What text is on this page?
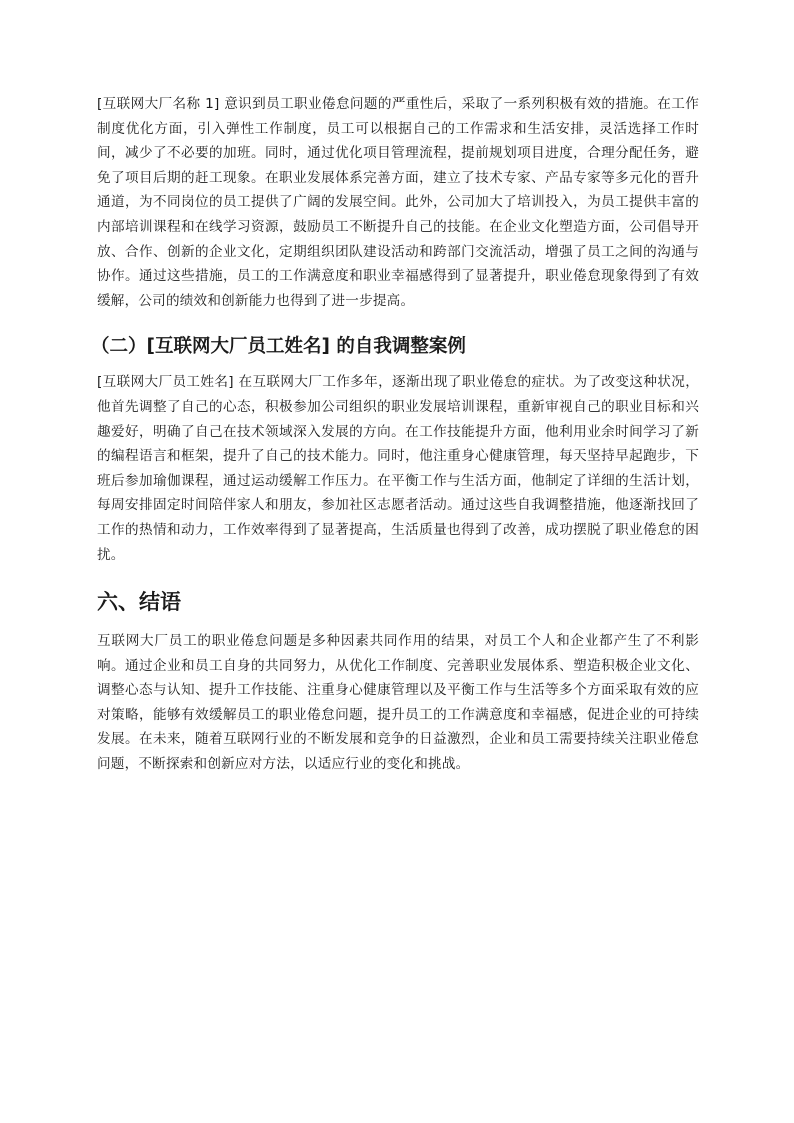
[互联网大厂名称 1] 意识到员工职业倦怠问题的严重性后，采取了一系列积极有效的措施。在工作制度优化方面，引入弹性工作制度，员工可以根据自己的工作需求和生活安排，灵活选择工作时间，减少了不必要的加班。同时，通过优化项目管理流程，提前规划项目进度，合理分配任务，避免了项目后期的赶工现象。在职业发展体系完善方面，建立了技术专家、产品专家等多元化的晋升通道，为不同岗位的员工提供了广阔的发展空间。此外，公司加大了培训投入，为员工提供丰富的内部培训课程和在线学习资源，鼓励员工不断提升自己的技能。在企业文化塑造方面，公司倡导开放、合作、创新的企业文化，定期组织团队建设活动和跨部门交流活动，增强了员工之间的沟通与协作。通过这些措施，员工的工作满意度和职业幸福感得到了显著提升，职业倦怠现象得到了有效缓解，公司的绩效和创新能力也得到了进一步提高。

（二）[互联网大厂员工姓名] 的自我调整案例

[互联网大厂员工姓名] 在互联网大厂工作多年，逐渐出现了职业倦怠的症状。为了改变这种状况，他首先调整了自己的心态，积极参加公司组织的职业发展培训课程，重新审视自己的职业目标和兴趣爱好，明确了自己在技术领域深入发展的方向。在工作技能提升方面，他利用业余时间学习了新的编程语言和框架，提升了自己的技术能力。同时，他注重身心健康管理，每天坚持早起跑步，下班后参加瑜伽课程，通过运动缓解工作压力。在平衡工作与生活方面，他制定了详细的生活计划，每周安排固定时间陪伴家人和朋友，参加社区志愿者活动。通过这些自我调整措施，他逐渐找回了工作的热情和动力，工作效率得到了显著提高，生活质量也得到了改善，成功摆脱了职业倦怠的困扰。

六、结语

互联网大厂员工的职业倦怠问题是多种因素共同作用的结果，对员工个人和企业都产生了不利影响。通过企业和员工自身的共同努力，从优化工作制度、完善职业发展体系、塑造积极企业文化、调整心态与认知、提升工作技能、注重身心健康管理以及平衡工作与生活等多个方面采取有效的应对策略，能够有效缓解员工的职业倦怠问题，提升员工的工作满意度和幸福感，促进企业的可持续发展。在未来，随着互联网行业的不断发展和竞争的日益激烈，企业和员工需要持续关注职业倦怠问题，不断探索和创新应对方法，以适应行业的变化和挑战。
